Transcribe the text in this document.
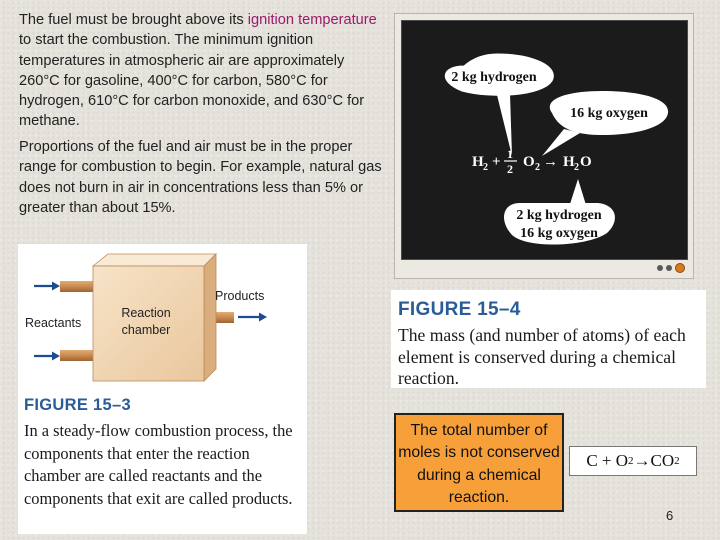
The fuel must be brought above its ignition temperature to start the combustion. The minimum ignition temperatures in atmospheric air are approximately 260°C for gasoline, 400°C for carbon, 580°C for hydrogen, 610°C for carbon monoxide, and 630°C for methane.
Proportions of the fuel and air must be in the proper range for combustion to begin. For example, natural gas does not burn in air in concentrations less than 5% or greater than about 15%.
Reaction
chamber
Reactants
Products
FIGURE 15–3
In a steady-flow combustion process, the components that enter the reaction chamber are called reactants and the components that exit are called products.
2 kg hydrogen
16 kg oxygen
H 2 + 1
2 O 2 → H 2 O
2 kg hydrogen
16 kg oxygen
FIGURE 15–4
The mass (and number of atoms) of each element is conserved during a chemical reaction.
The total number of moles is not conserved during a chemical reaction.
C
+
O 2 → CO 2
6
